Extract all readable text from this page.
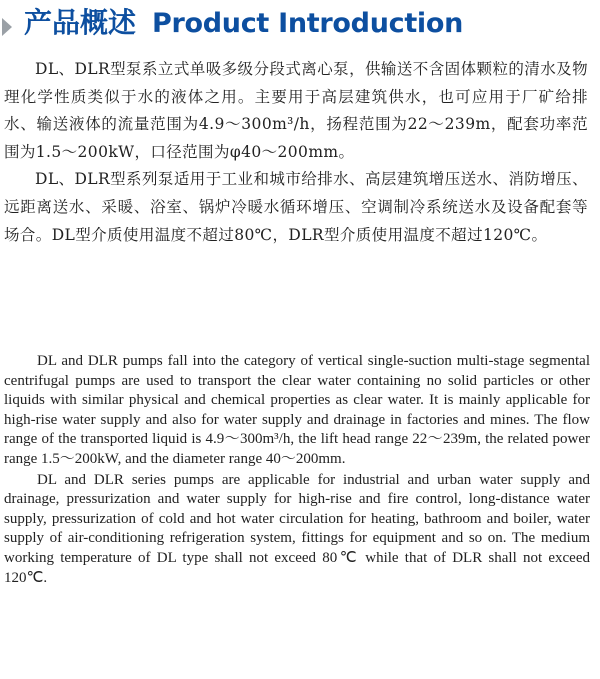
产品概述 Product Introduction

DL、DLR型泵系立式单吸多级分段式离心泵，供输送不含固体颗粒的清水及物理化学性质类似于水的液体之用。主要用于高层建筑供水，也可应用于厂矿给排水、输送液体的流量范围为4.9～300m³/h，扬程范围为22～239m，配套功率范围为1.5～200kW，口径范围为φ40～200mm。

DL、DLR型系列泵适用于工业和城市给排水、高层建筑增压送水、消防增压、远距离送水、采暖、浴室、锅炉冷暖水循环增压、空调制冷系统送水及设备配套等场合。DL型介质使用温度不超过80℃，DLR型介质使用温度不超过120℃。

DL and DLR pumps fall into the category of vertical single-suction multi-stage segmental centrifugal pumps are used to transport the clear water containing no solid particles or other liquids with similar physical and chemical properties as clear water. It is mainly applicable for high-rise water supply and also for water supply and drainage in factories and mines. The flow range of the transported liquid is 4.9～300m³/h, the lift head range 22～239m, the related power range 1.5～200kW, and the diameter range 40～200mm.

DL and DLR series pumps are applicable for industrial and urban water supply and drainage, pressurization and water supply for high-rise and fire control, long-distance water supply, pressurization of cold and hot water circulation for heating, bathroom and boiler, water supply of air-conditioning refrigeration system, fittings for equipment and so on. The medium working temperature of DL type shall not exceed 80℃ while that of DLR shall not exceed 120℃.
